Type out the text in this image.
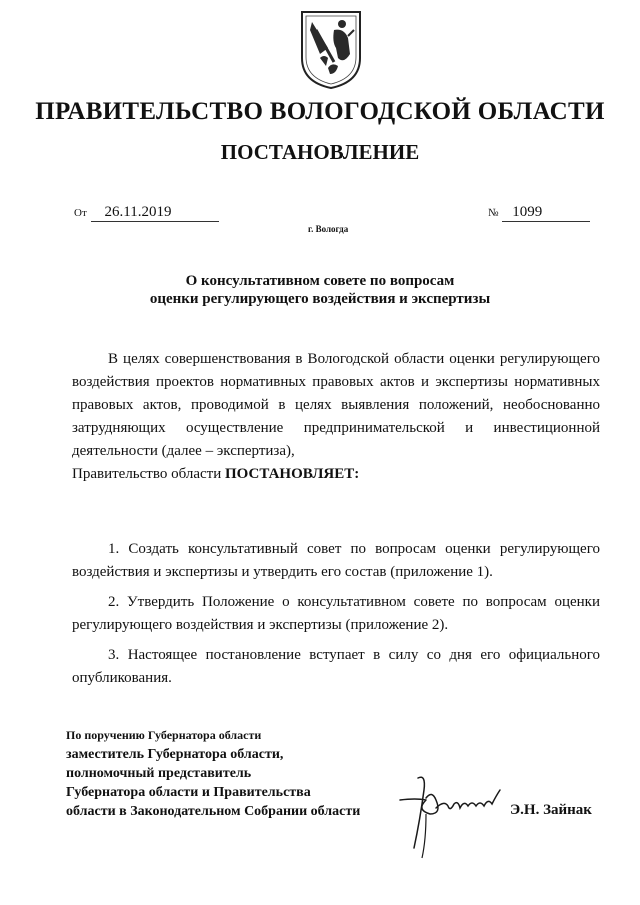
ПРАВИТЕЛЬСТВО ВОЛОГОДСКОЙ ОБЛАСТИ
ПОСТАНОВЛЕНИЕ
От 26.11.2019	№ 1099
г. Вологда
О консультативном совете по вопросам
оценки регулирующего воздействия и экспертизы

В целях совершенствования в Вологодской области оценки регулирующего воздействия проектов нормативных правовых актов и экспертизы нормативных правовых актов, проводимой в целях выявления положений, необоснованно затрудняющих осуществление предпринимательской и инвестиционной деятельности (далее – экспертиза),

Правительство области ПОСТАНОВЛЯЕТ:

1. Создать консультативный совет по вопросам оценки регулирующего воздействия и экспертизы и утвердить его состав (приложение 1).

2. Утвердить Положение о консультативном совете по вопросам оценки регулирующего воздействия и экспертизы (приложение 2).

3. Настоящее постановление вступает в силу со дня его официального опубликования.

По поручению Губернатора области
заместитель Губернатора области,
полномочный представитель
Губернатора области и Правительства
области в Законодательном Собрании области	Э.Н. Зайнак
